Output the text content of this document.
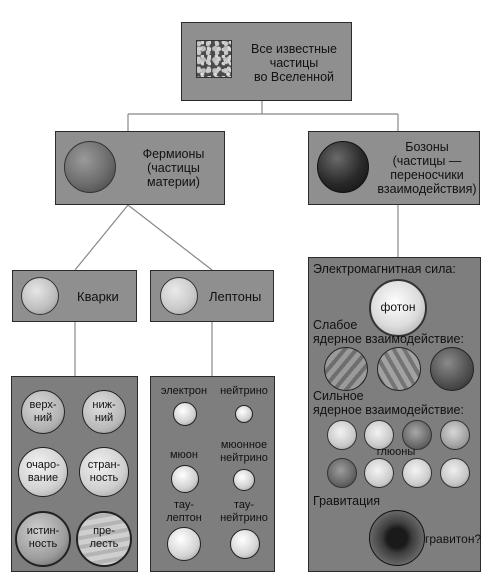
Все известные
частицы
во Вселенной
Фермионы
(частицы
материи)
Бозоны
(частицы —
переносчики
взаимодействия)
Кварки	Лептоны
верх-
ний
ниж-
ний
очаро-
вание
стран-
ность
истин-
ность
пре-
лесть
электрон	нейтрино
мюон
мюонное
нейтрино
тау-
лептон
тау-
нейтрино
Электромагнитная сила:
фотон
Слабое
ядерное взаимодействие:
Сильное
ядерное взаимодействие:
глюоны
Гравитация
гравитон?
